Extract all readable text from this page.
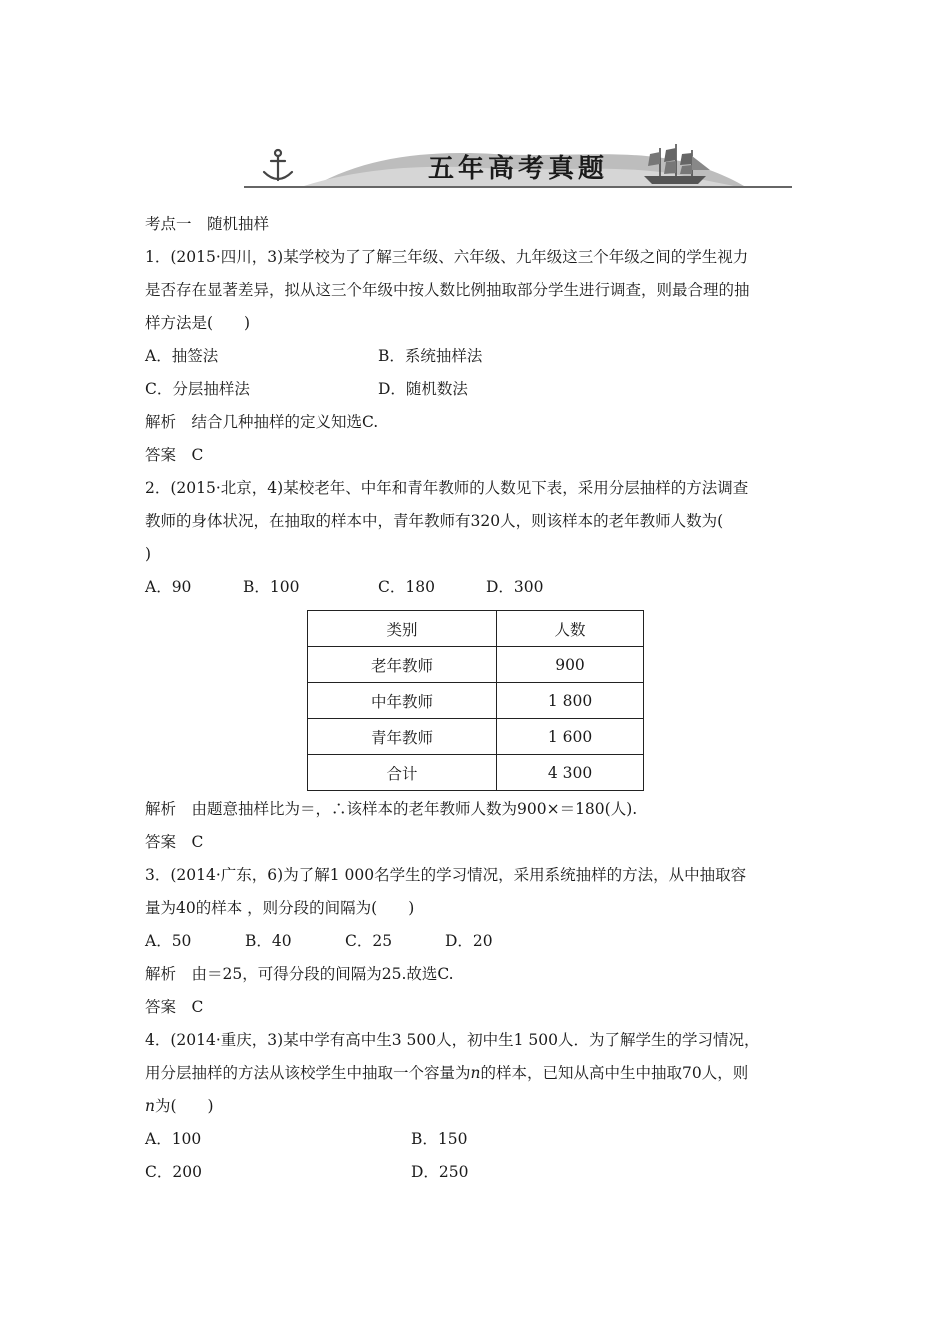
五年高考真题
考点一　随机抽样
1．(2015·四川，3)某学校为了了解三年级、六年级、九年级这三个年级之间的学生视力
是否存在显著差异，拟从这三个年级中按人数比例抽取部分学生进行调查，则最合理的抽
样方法是(　　)
A．抽签法	B．系统抽样法
C．分层抽样法	D．随机数法
解析　结合几种抽样的定义知选C.
答案　C
2．(2015·北京，4)某校老年、中年和青年教师的人数见下表，采用分层抽样的方法调查
教师的身体状况，在抽取的样本中，青年教师有320人，则该样本的老年教师人数为(
)
A．90	B．100	C．180	D．300
类别	人数
老年教师	900
中年教师	1 800
青年教师	1 600
合计	4 300
解析　由题意抽样比为＝，∴该样本的老年教师人数为900×＝180(人).
答案　C
3．(2014·广东，6)为了解1 000名学生的学习情况，采用系统抽样的方法，从中抽取容
量为40的样本 ，则分段的间隔为(　　)
A．50	B．40	C．25	D．20
解析　由＝25，可得分段的间隔为25.故选C.
答案　C
4．(2014·重庆，3)某中学有高中生3 500人，初中生1 500人．为了解学生的学习情况，
用分层抽样的方法从该校学生中抽取一个容量为n的样本，已知从高中生中抽取70人，则
n为(　　)
A．100	B．150
C．200	D．250
